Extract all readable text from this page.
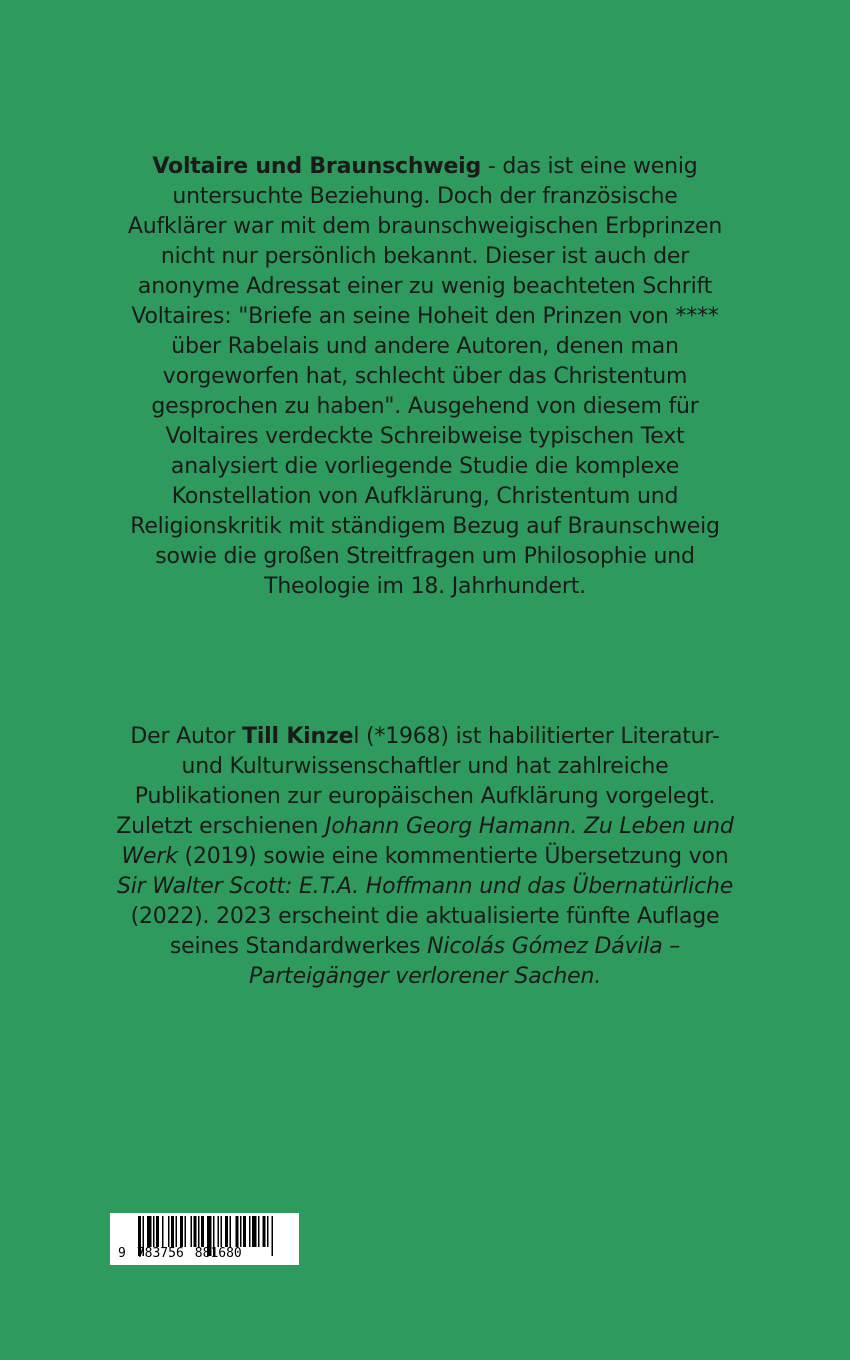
Voltaire und Braunschweig - das ist eine wenig
untersuchte Beziehung. Doch der französische
Aufklärer war mit dem braunschweigischen Erbprinzen
nicht nur persönlich bekannt. Dieser ist auch der
anonyme Adressat einer zu wenig beachteten Schrift
Voltaires: "Briefe an seine Hoheit den Prinzen von ****
über Rabelais und andere Autoren, denen man
vorgeworfen hat, schlecht über das Christentum
gesprochen zu haben". Ausgehend von diesem für
Voltaires verdeckte Schreibweise typischen Text
analysiert die vorliegende Studie die komplexe
Konstellation von Aufklärung, Christentum und
Religionskritik mit ständigem Bezug auf Braunschweig
sowie die großen Streitfragen um Philosophie und
Theologie im 18. Jahrhundert.
Der Autor Till Kinzel (*1968) ist habilitierter Literatur-
und Kulturwissenschaftler und hat zahlreiche
Publikationen zur europäischen Aufklärung vorgelegt.
Zuletzt erschienen Johann Georg Hamann. Zu Leben und
Werk (2019) sowie eine kommentierte Übersetzung von
Sir Walter Scott: E.T.A. Hoffmann und das Übernatürliche
(2022). 2023 erscheint die aktualisierte fünfte Auflage
seines Standardwerkes Nicolás Gómez Dávila –
Parteigänger verlorener Sachen.
9 783756 881680
